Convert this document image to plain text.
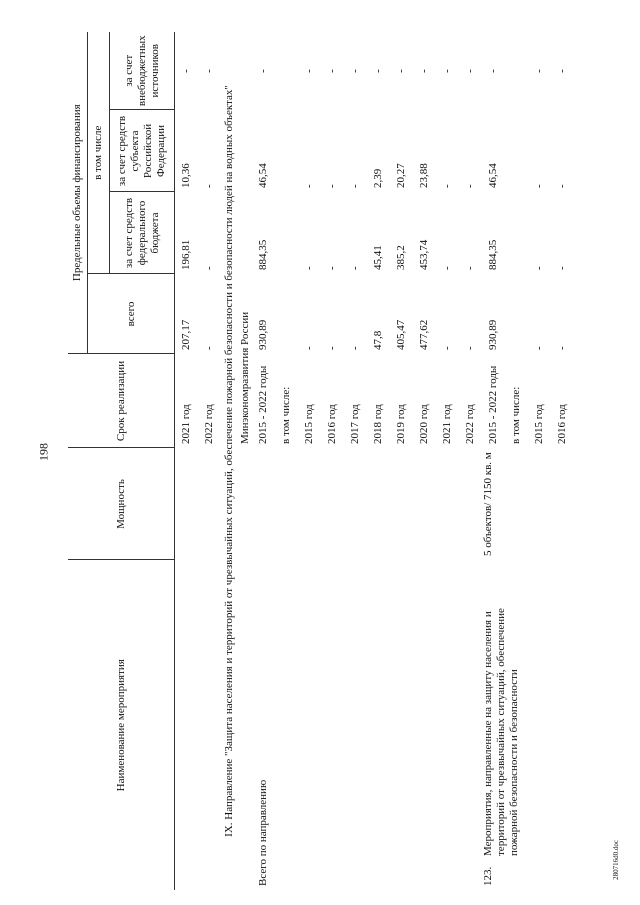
198
280716d0.doc
Наименование мероприятия	Мощность	Срок реализации	Предельные объемы финансирования			
			всего	в том числе		
				за счет средств федерального бюджета	за счет средств субъекта Российской Федерации	за счет внебюджетных источников
		2021 год	207,17	196,81	10,36	-
		2022 год	-	-	-	-
IX. Направление "Защита населения и территорий от чрезвычайных ситуаций, обеспечение пожарной безопасности и безопасности людей на водных объектах"						
		Минэкономразвития России				
Всего по направлению		2015 - 2022 годы	930,89	884,35	46,54	-
		в том числе:				
		2015 год	-	-	-	-
		2016 год	-	-	-	-
		2017 год	-	-	-	-
		2018 год	47,8	45,41	2,39	-
		2019 год	405,47	385,2	20,27	-
		2020 год	477,62	453,74	23,88	-
		2021 год	-	-	-	-
		2022 год	-	-	-	-

123.
Мероприятия, направленные на защиту населения и территорий от чрезвычайных ситуаций, обеспечение пожарной безопасности и безопасности	5 объектов/ 7150 кв. м	2015 - 2022 годы	930,89	884,35	46,54	-
		в том числе:				
		2015 год	-	-	-	-
		2016 год	-	-	-	-
